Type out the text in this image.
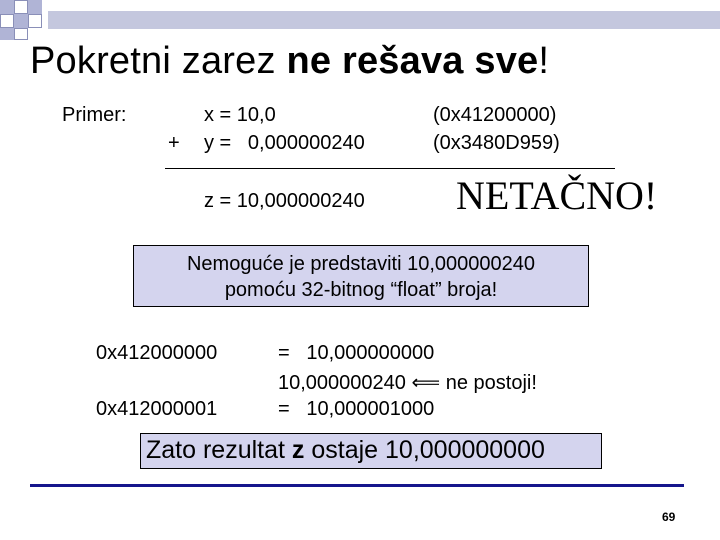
Pokretni zarez ne rešava sve!
Primer:	x = 10,0	(0x41200000)
+ y =   0,000000240	(0x3480D959)
z = 10,000000240 NETAČNO!
Nemoguće je predstaviti 10,000000240
pomoću 32-bitnog “float” broja!
0x412000000	=   10,000000000
10,000000240 ⟸ ne postoji!
0x412000001	=   10,000001000
Zato rezultat z ostaje 10,000000000
69
